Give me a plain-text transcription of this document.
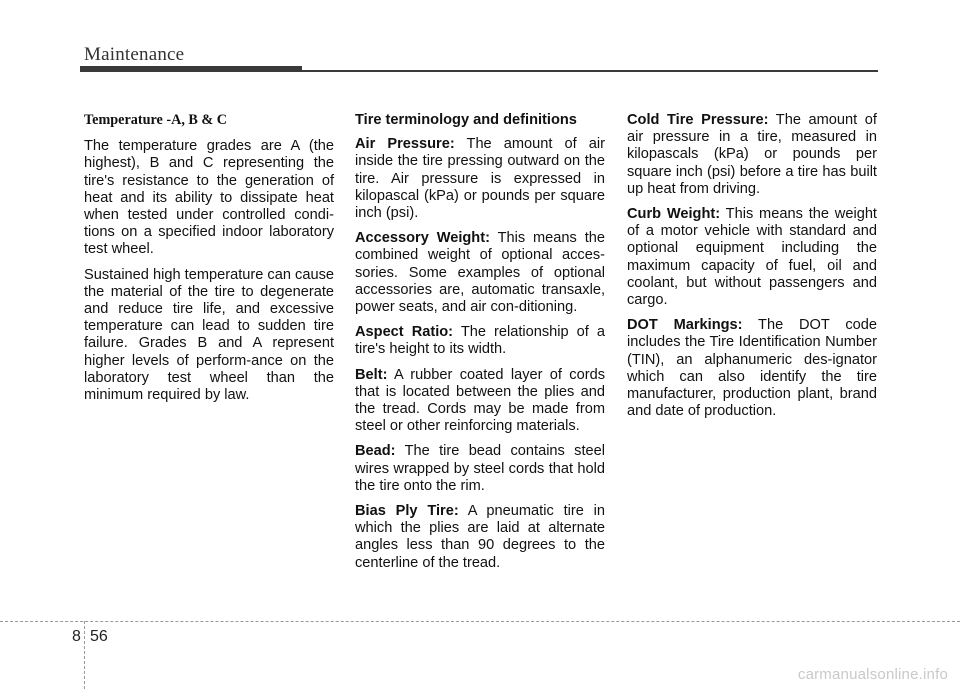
Maintenance

Temperature -A, B & C

The temperature grades are A (the highest), B and C representing the tire's resistance to the generation of heat and its ability to dissipate heat when tested under controlled condi-tions on a specified indoor laboratory test wheel.

Sustained high temperature can cause the material of the tire to degenerate and reduce tire life, and excessive temperature can lead to sudden tire failure. Grades B and A represent higher levels of perform-ance on the laboratory test wheel than the minimum required by law.

Tire terminology and definitions

Air Pressure: The amount of air inside the tire pressing outward on the tire. Air pressure is expressed in kilopascal (kPa) or pounds per square inch (psi).

Accessory Weight: This means the combined weight of optional acces-sories. Some examples of optional accessories are, automatic transaxle, power seats, and air con-ditioning.

Aspect Ratio: The relationship of a tire's height to its width.

Belt: A rubber coated layer of cords that is located between the plies and the tread. Cords may be made from steel or other reinforcing materials.

Bead: The tire bead contains steel wires wrapped by steel cords that hold the tire onto the rim.

Bias Ply Tire: A pneumatic tire in which the plies are laid at alternate angles less than 90 degrees to the centerline of the tread.

Cold Tire Pressure: The amount of air pressure in a tire, measured in kilopascals (kPa) or pounds per square inch (psi) before a tire has built up heat from driving.

Curb Weight: This means the weight of a motor vehicle with standard and optional equipment including the maximum capacity of fuel, oil and coolant, but without passengers and cargo.

DOT Markings: The DOT code includes the Tire Identification Number (TIN), an alphanumeric des-ignator which can also identify the tire manufacturer, production plant, brand and date of production.

8 56
carmanualsonline.info
